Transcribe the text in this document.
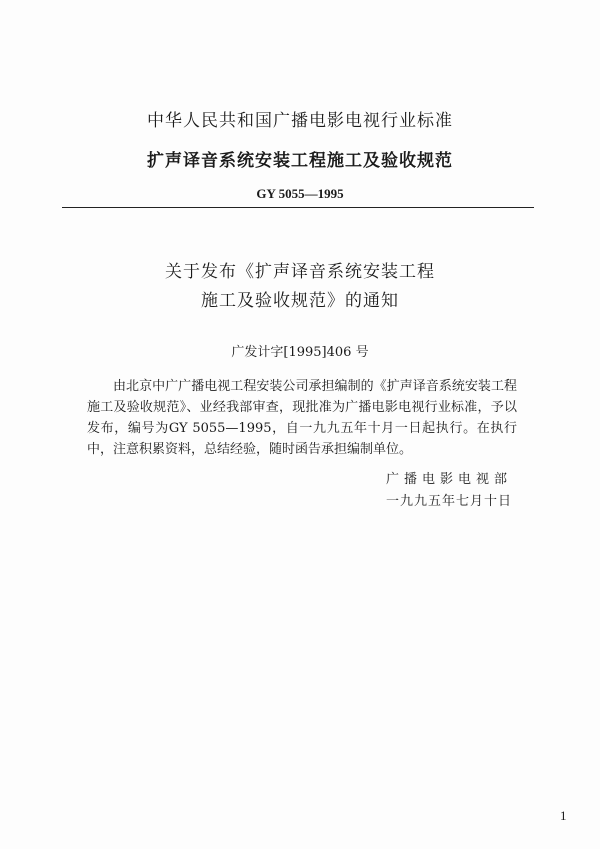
中华人民共和国广播电影电视行业标准
扩声译音系统安装工程施工及验收规范
GY 5055—1995
关于发布《扩声译音系统安装工程
施工及验收规范》的通知
广发计字[1995]406 号

由北京中广广播电视工程安装公司承担编制的《扩声译音系统安装工程施工及验收规范》、业经我部审查，现批准为广播电影电视行业标准，予以发布，编号为GY 5055—1995，自一九九五年十月一日起执行。在执行中，注意积累资料，总结经验，随时函告承担编制单位。

广播电影电视部
一九九五年七月十日
1
